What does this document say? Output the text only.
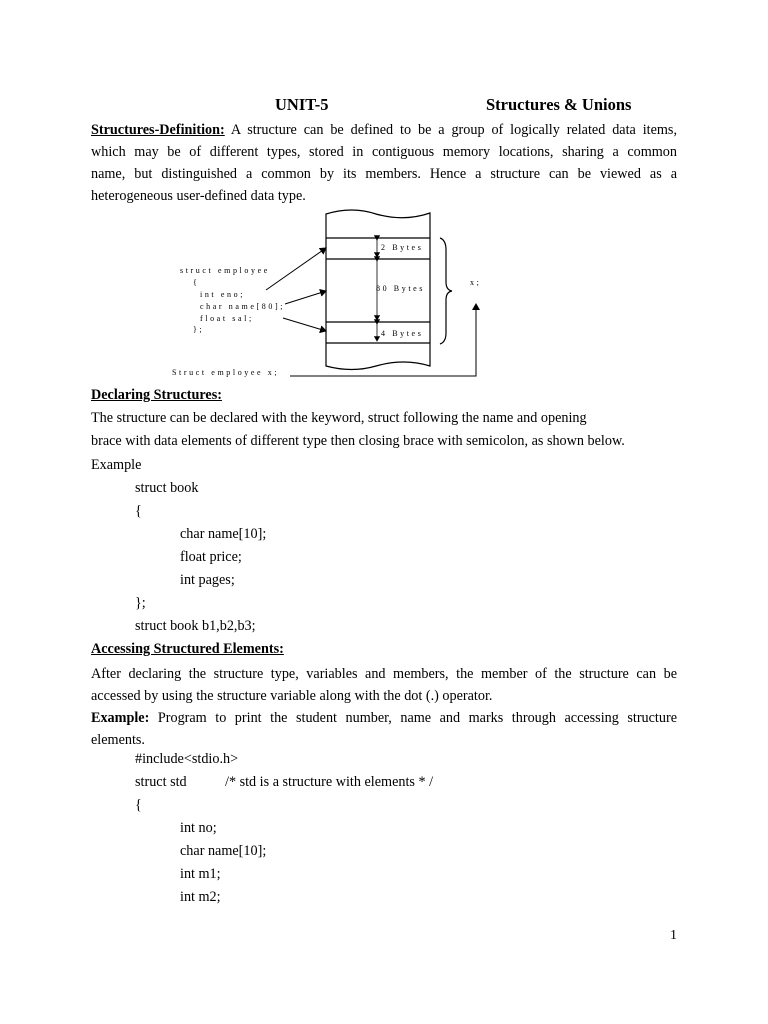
UNIT-5	Structures & Unions
Structures-Definition: A structure can be defined to be a group of logically related data items,
which may be of different types, stored in contiguous memory locations, sharing a common
name, but distinguished a common by its members. Hence a structure can be viewed as a
heterogeneous user-defined data type.
struct employee
{
int eno;
char name[80];
float sal;
};
2 Bytes
80 Bytes
4 Bytes
x;
Struct employee x;
Declaring Structures:
The structure can be declared with the keyword, struct following the name and opening
brace with data elements of different type then closing brace with semicolon, as shown below.
Example
struct book
{
char name[10];
float price;
int pages;
};
struct book b1,b2,b3;
Accessing Structured Elements:
After declaring the structure type, variables and members, the member of the structure can be
accessed by using the structure variable along with the dot (.) operator.
Example: Program to print the student number, name and marks through accessing structure
elements.
#include<stdio.h>
struct std	/* std is a structure with elements * /
{
int no;
char name[10];
int m1;
int m2;
1
